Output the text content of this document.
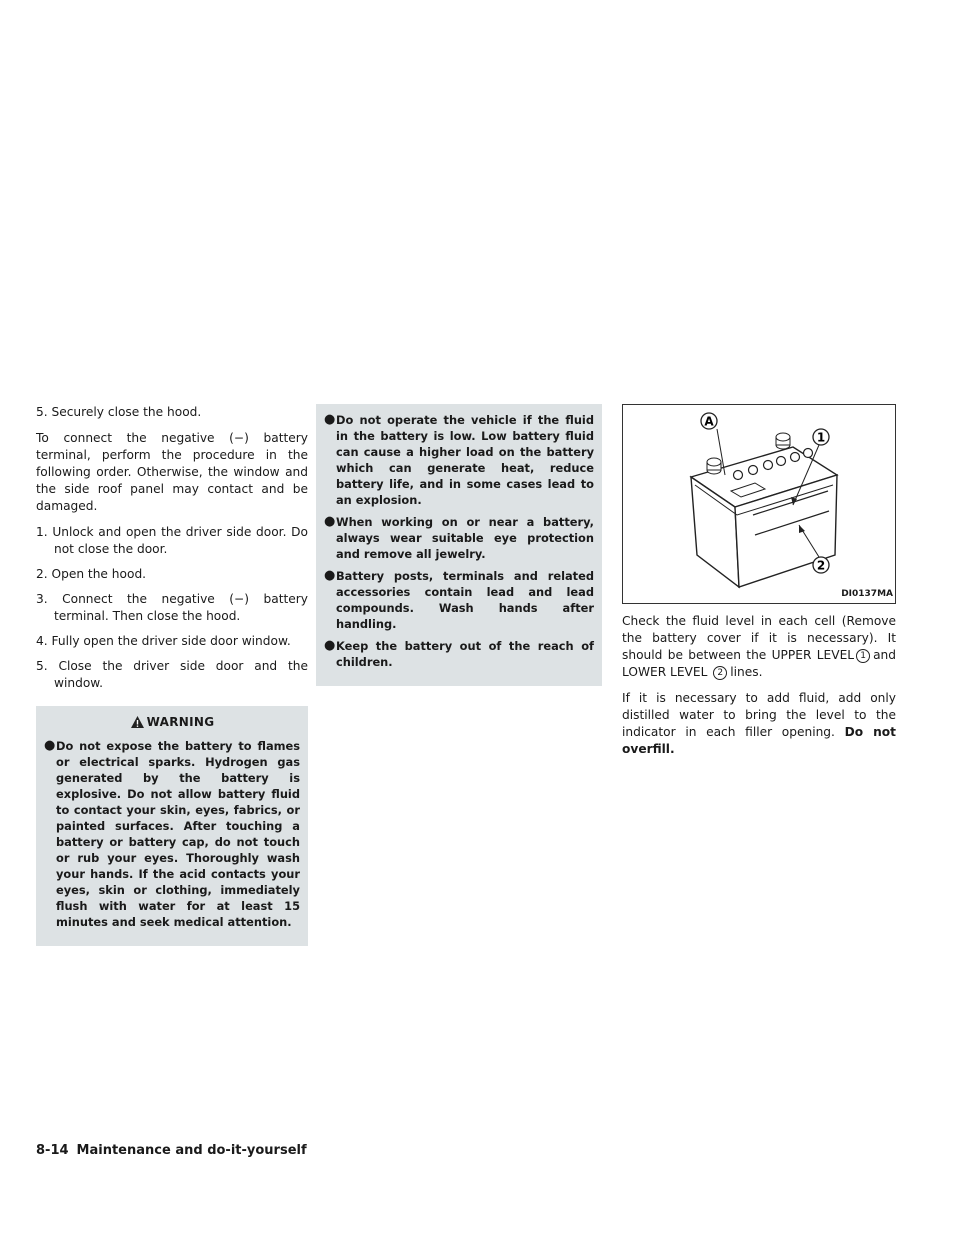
5. Securely close the hood.

To connect the negative (−) battery terminal, perform the procedure in the following order. Otherwise, the window and the side roof panel may contact and be damaged.

1. Unlock and open the driver side door. Do not close the door.
2. Open the hood.
3. Connect the negative (−) battery terminal. Then close the hood.
4. Fully open the driver side door window.
5. Close the driver side door and the window.
WARNING
● Do not expose the battery to flames or electrical sparks. Hydrogen gas generated by the battery is explosive. Do not allow battery fluid to contact your skin, eyes, fabrics, or painted surfaces. After touching a battery or battery cap, do not touch or rub your eyes. Thoroughly wash your hands. If the acid contacts your eyes, skin or clothing, immediately flush with water for at least 15 minutes and seek medical attention.
● Do not operate the vehicle if the fluid in the battery is low. Low battery fluid can cause a higher load on the battery which can generate heat, reduce battery life, and in some cases lead to an explosion.
● When working on or near a battery, always wear suitable eye protection and remove all jewelry.
● Battery posts, terminals and related accessories contain lead and lead compounds. Wash hands after handling.
● Keep the battery out of the reach of children.
A
1
2
DI0137MA

Check the fluid level in each cell (Remove the battery cover if it is necessary). It should be between the UPPER LEVEL 1 and LOWER LEVEL 2 lines.

If it is necessary to add fluid, add only distilled water to bring the level to the indicator in each filler opening. Do not overfill.

8-14 Maintenance and do-it-yourself
